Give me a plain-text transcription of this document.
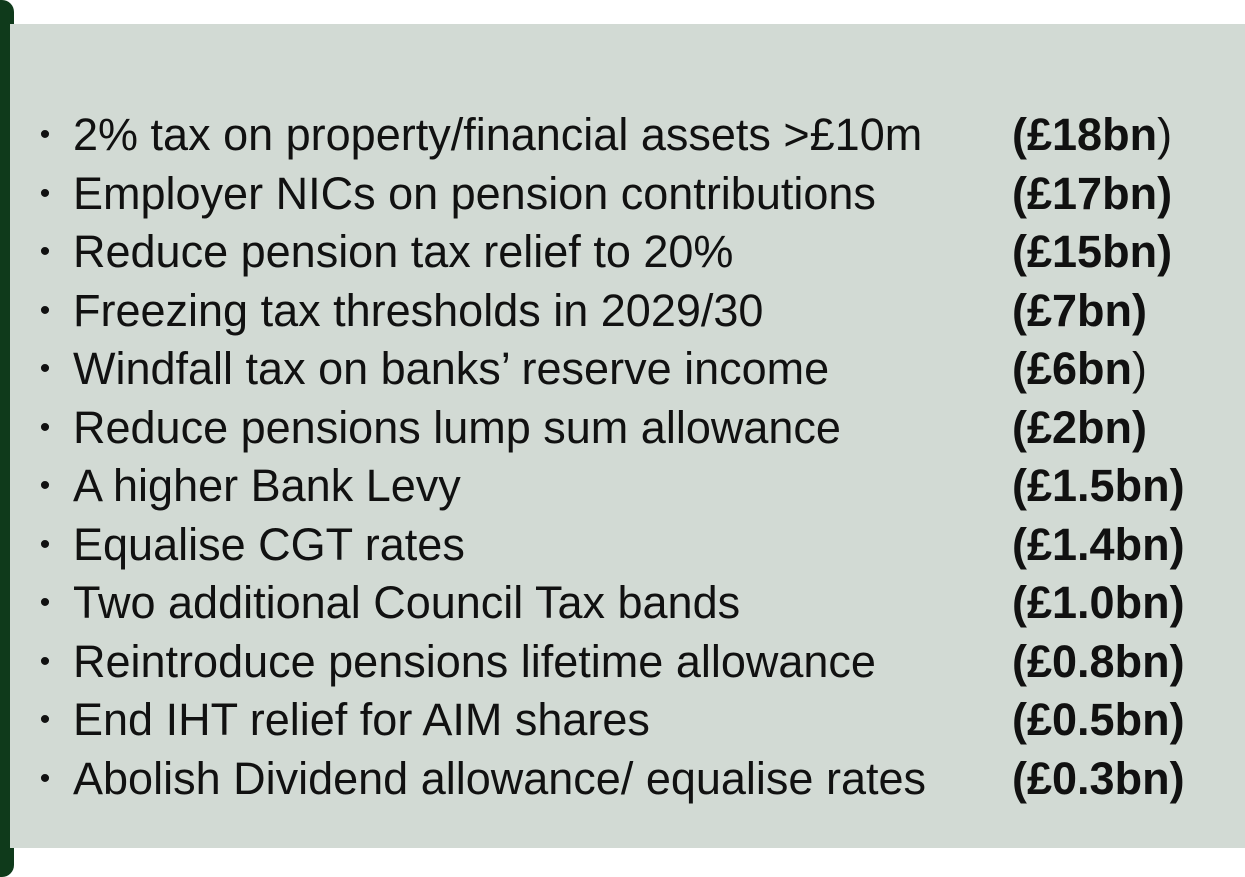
• 2% tax on property/financial assets >£10m (£18bn)
• Employer NICs on pension contributions	(£17bn)
• Reduce pension tax relief to 20%	(£15bn)
• Freezing tax thresholds in 2029/30	(£7bn)
• Windfall tax on banks’ reserve income	(£6bn)
• Reduce pensions lump sum allowance	(£2bn)
• A higher Bank Levy	(£1.5bn)
• Equalise CGT rates	(£1.4bn)
• Two additional Council Tax bands	(£1.0bn)
• Reintroduce pensions lifetime allowance	(£0.8bn)
• End IHT relief for AIM shares	(£0.5bn)
• Abolish Dividend allowance/ equalise rates (£0.3bn)
